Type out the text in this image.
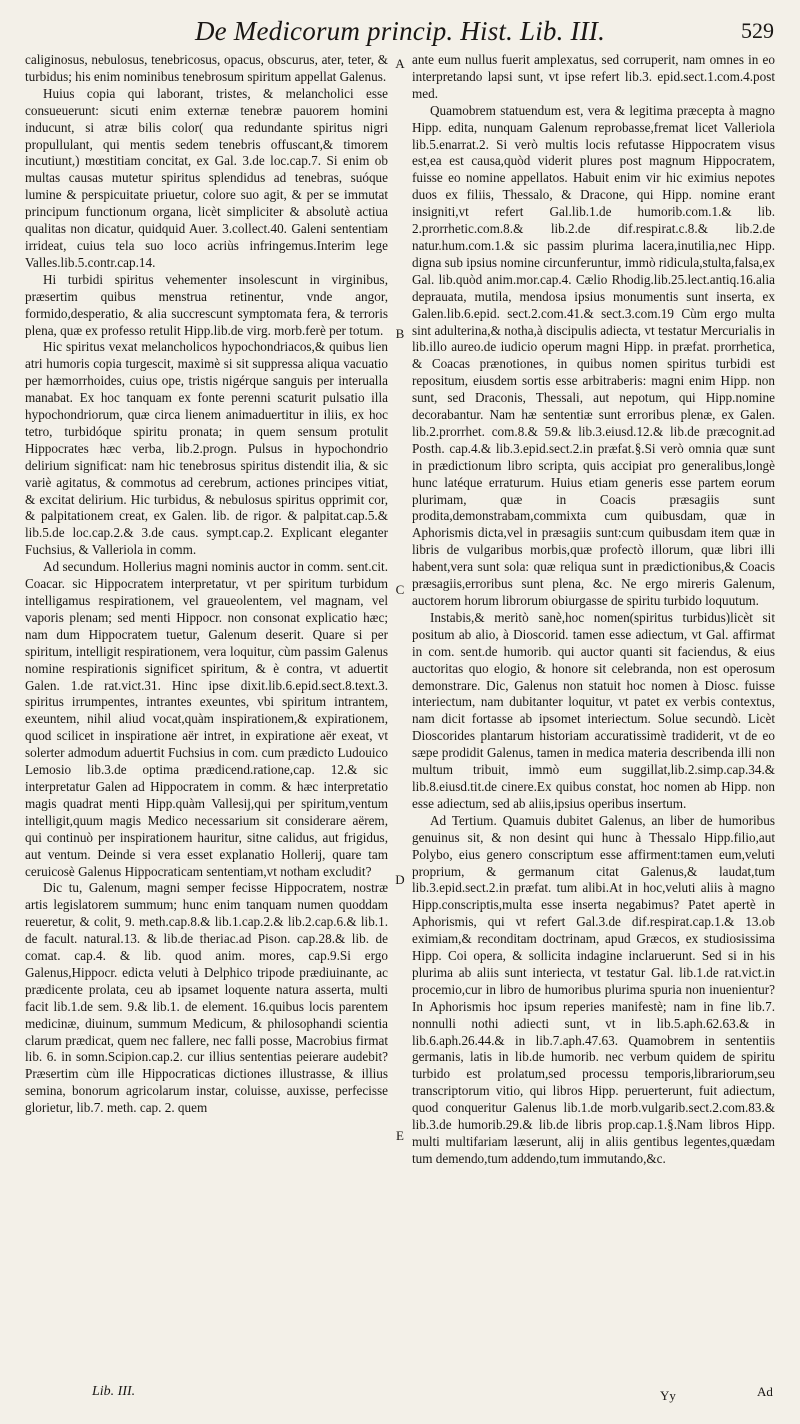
De Medicorum princip. Hist. Lib. III.	529

caliginosus, nebulosus, tenebricosus, opacus, obscurus, ater, teter, & turbidus; his enim nominibus tenebrosum spiritum appellat Galenus.

Huius copia qui laborant, tristes, & melancholici esse consueuerunt: sicuti enim externæ tenebræ pauorem homini inducunt, si atræ bilis color( qua redundante spiritus nigri propullulant, qui mentis sedem tenebris offuscant,& timorem incutiunt,) mœstitiam concitat, ex Gal. 3.de loc.cap.7. Si enim ob multas causas mutetur spiritus splendidus ad tenebras, suóque lumine & perspicuitate priuetur, colore suo agit, & per se immutat principum functionum organa, licèt simpliciter & absolutè actiua qualitas non dicatur, quidquid Auer. 3.collect.40. Galeni sententiam irrideat, cuius tela suo loco acriùs infringemus.Interim lege Valles.lib.5.contr.cap.14.

Hi turbidi spiritus vehementer insolescunt in virginibus, præsertim quibus menstrua retinentur, vnde angor, formido,desperatio, & alia succrescunt symptomata fera, & terroris plena, quæ ex professo retulit Hipp.lib.de virg. morb.ferè per totum.

Hic spiritus vexat melancholicos hypochondriacos,& quibus lien atri humoris copia turgescit, maximè si sit suppressa aliqua vacuatio per hæmorrhoides, cuius ope, tristis nigérque sanguis per interualla manabat. Ex hoc tanquam ex fonte perenni scaturit pulsatio illa hypochondriorum, quæ circa lienem animaduertitur in iliis, ex hoc tetro, turbidóque spiritu pronata; in quem sensum protulit Hippocrates hæc verba, lib.2.progn. Pulsus in hypochondrio delirium significat: nam hic tenebrosus spiritus distendit ilia, & sic variè agitatus, & commotus ad cerebrum, actiones principes vitiat, & excitat delirium. Hic turbidus, & nebulosus spiritus opprimit cor, & palpitationem creat, ex Galen. lib. de rigor. & palpitat.cap.5.& lib.5.de loc.cap.2.& 3.de caus. sympt.cap.2. Explicant eleganter Fuchsius, & Valleriola in comm.

Ad secundum. Hollerius magni nominis auctor in comm. sent.cit. Coacar. sic Hippocratem interpretatur, vt per spiritum turbidum intelligamus respirationem, vel graueolentem, vel magnam, vel vaporis plenam; sed menti Hippocr. non consonat explicatio hæc; nam dum Hippocratem tuetur, Galenum deserit. Quare si per spiritum, intelligit respirationem, vera loquitur, cùm passim Galenus nomine respirationis significet spiritum, & è contra, vt aduertit Galen. 1.de rat.vict.31. Hinc ipse dixit.lib.6.epid.sect.8.text.3. spiritus irrumpentes, intrantes exeuntes, vbi spiritum intrantem, exeuntem, nihil aliud vocat,quàm inspirationem,& expirationem, quod scilicet in inspiratione aër intret, in expiratione aër exeat, vt solerter admodum aduertit Fuchsius in com. cum prædicto Ludouico Lemosio lib.3.de optima prædicend.ratione,cap. 12.& sic interpretatur Galen ad Hippocratem in comm. & hæc interpretatio magis quadrat menti Hipp.quàm Vallesij,qui per spiritum,ventum intelligit,quum magis Medico necessarium sit considerare aërem, qui continuò per inspirationem hauritur, sitne calidus, aut frigidus, aut ventum. Deinde si vera esset explanatio Hollerij, quare tam ceruicosè Galenus Hippocraticam sententiam,vt notham excludit?

Dic tu, Galenum, magni semper fecisse Hippocratem, nostræ artis legislatorem summum; hunc enim tanquam numen quoddam reueretur, & colit, 9. meth.cap.8.& lib.1.cap.2.& lib.2.cap.6.& lib.1. de facult. natural.13. & lib.de theriac.ad Pison. cap.28.& lib. de comat. cap.4. & lib. quod anim. mores, cap.9.Si ergo Galenus,Hippocr. edicta veluti à Delphico tripode prædiuinante, ac prædicente prolata, ceu ab ipsamet loquente natura asserta, multi facit lib.1.de sem. 9.& lib.1. de element. 16.quibus locis parentem medicinæ, diuinum, summum Medicum, & philosophandi scientia clarum prædicat, quem nec fallere, nec falli posse, Macrobius firmat lib. 6. in somn.Scipion.cap.2. cur illius sententias peierare audebit? Præsertim cùm ille Hippocraticas dictiones illustrasse, & illius semina, bonorum agricolarum instar, coluisse, auxisse, perfecisse glorietur, lib.7. meth. cap. 2. quem

A
B
C
D
E

ante eum nullus fuerit amplexatus, sed corruperit, nam omnes in eo interpretando lapsi sunt, vt ipse refert lib.3. epid.sect.1.com.4.post med.

Quamobrem statuendum est, vera & legitima præcepta à magno Hipp. edita, nunquam Galenum reprobasse,fremat licet Valleriola lib.5.enarrat.2. Si verò multis locis refutasse Hippocratem visus est,ea est causa,quòd viderit plures post magnum Hippocratem, fuisse eo nomine appellatos. Habuit enim vir hic eximius nepotes duos ex filiis, Thessalo, & Dracone, qui Hipp. nomine erant insigniti,vt refert Gal.lib.1.de humorib.com.1.& lib. 2.prorrhetic.com.8.& lib.2.de dif.respirat.c.8.& lib.2.de natur.hum.com.1.& sic passim plurima lacera,inutilia,nec Hipp. digna sub ipsius nomine circunferuntur, immò ridicula,stulta,falsa,ex Gal. lib.quòd anim.mor.cap.4. Cælio Rhodig.lib.25.lect.antiq.16.alia deprauata, mutila, mendosa ipsius monumentis sunt inserta, ex Galen.lib.6.epid. sect.2.com.41.& sect.3.com.19 Cùm ergo multa sint adulterina,& notha,à discipulis adiecta, vt testatur Mercurialis in lib.illo aureo.de iudicio operum magni Hipp. in præfat. prorrhetica, & Coacas prænotiones, in quibus nomen spiritus turbidi est repositum, eiusdem sortis esse arbitraberis: magni enim Hipp. non sunt, sed Draconis, Thessali, aut nepotum, qui Hipp.nomine decorabantur. Nam hæ sententiæ sunt erroribus plenæ, ex Galen. lib.2.prorrhet. com.8.& 59.& lib.3.eiusd.12.& lib.de præcognit.ad Posth. cap.4.& lib.3.epid.sect.2.in præfat.§.Si verò omnia quæ sunt in prædictionum libro scripta, quis accipiat pro generalibus,longè hunc latéque erraturum. Huius etiam generis esse partem eorum plurimam, quæ in Coacis præsagiis sunt prodita,demonstrabam,commixta cum quibusdam, quæ in Aphorismis dicta,vel in præsagiis sunt:cum quibusdam item quæ in libris de vulgaribus morbis,quæ profectò illorum, quæ libri illi habent,vera sunt sola: quæ reliqua sunt in prædictionibus,& Coacis præsagiis,erroribus sunt plena, &c. Ne ergo mireris Galenum, auctorem horum librorum obiurgasse de spiritu turbido loquutum.

Instabis,& meritò sanè,hoc nomen(spiritus turbidus)licèt sit positum ab alio, à Dioscorid. tamen esse adiectum, vt Gal. affirmat in com. sent.de humorib. qui auctor quanti sit faciendus, & eius auctoritas quo elogio, & honore sit celebranda, non est operosum demonstrare. Dic, Galenus non statuit hoc nomen à Diosc. fuisse interiectum, nam dubitanter loquitur, vt patet ex verbis contextus, nam dicit fortasse ab ipsomet interiectum. Solue secundò. Licèt Dioscorides plantarum historiam accuratissimè tradiderit, vt de eo sæpe prodidit Galenus, tamen in medica materia describenda illi non multum tribuit, immò eum suggillat,lib.2.simp.cap.34.& lib.8.eiusd.tit.de cinere.Ex quibus constat, hoc nomen ab Hipp. non esse adiectum, sed ab aliis,ipsius operibus insertum.

Ad Tertium. Quamuis dubitet Galenus, an liber de humoribus genuinus sit, & non desint qui hunc à Thessalo Hipp.filio,aut Polybo, eius genero conscriptum esse affirment:tamen eum,veluti proprium, & germanum citat Galenus,& laudat,tum lib.3.epid.sect.2.in præfat. tum alibi.At in hoc,veluti aliis à magno Hipp.conscriptis,multa esse inserta negabimus? Patet apertè in Aphorismis, qui vt refert Gal.3.de dif.respirat.cap.1.& 13.ob eximiam,& reconditam doctrinam, apud Græcos, ex studiosissima Hipp. Coi opera, & sollicita indagine inclaruerunt. Sed si in his plurima ab aliis sunt interiecta, vt testatur Gal. lib.1.de rat.vict.in procemio,cur in libro de humoribus plurima spuria non inuenientur? In Aphorismis hoc ipsum reperies manifestè; nam in fine lib.7. nonnulli nothi adiecti sunt, vt in lib.5.aph.62.63.& in lib.6.aph.26.44.& in lib.7.aph.47.63. Quamobrem in sententiis germanis, latis in lib.de humorib. nec verbum quidem de spiritu turbido est prolatum,sed processu temporis,librariorum,seu transcriptorum vitio, qui libros Hipp. peruerterunt, fuit adiectum, quod conqueritur Galenus lib.1.de morb.vulgarib.sect.2.com.83.& lib.3.de humorib.29.& lib.de libris prop.cap.1.§.Nam libros Hipp. multi multifariam læserunt, alij in aliis gentibus legentes,quædam tum demendo,tum addendo,tum immutando,&c.

Lib. III.	Yy	Ad
